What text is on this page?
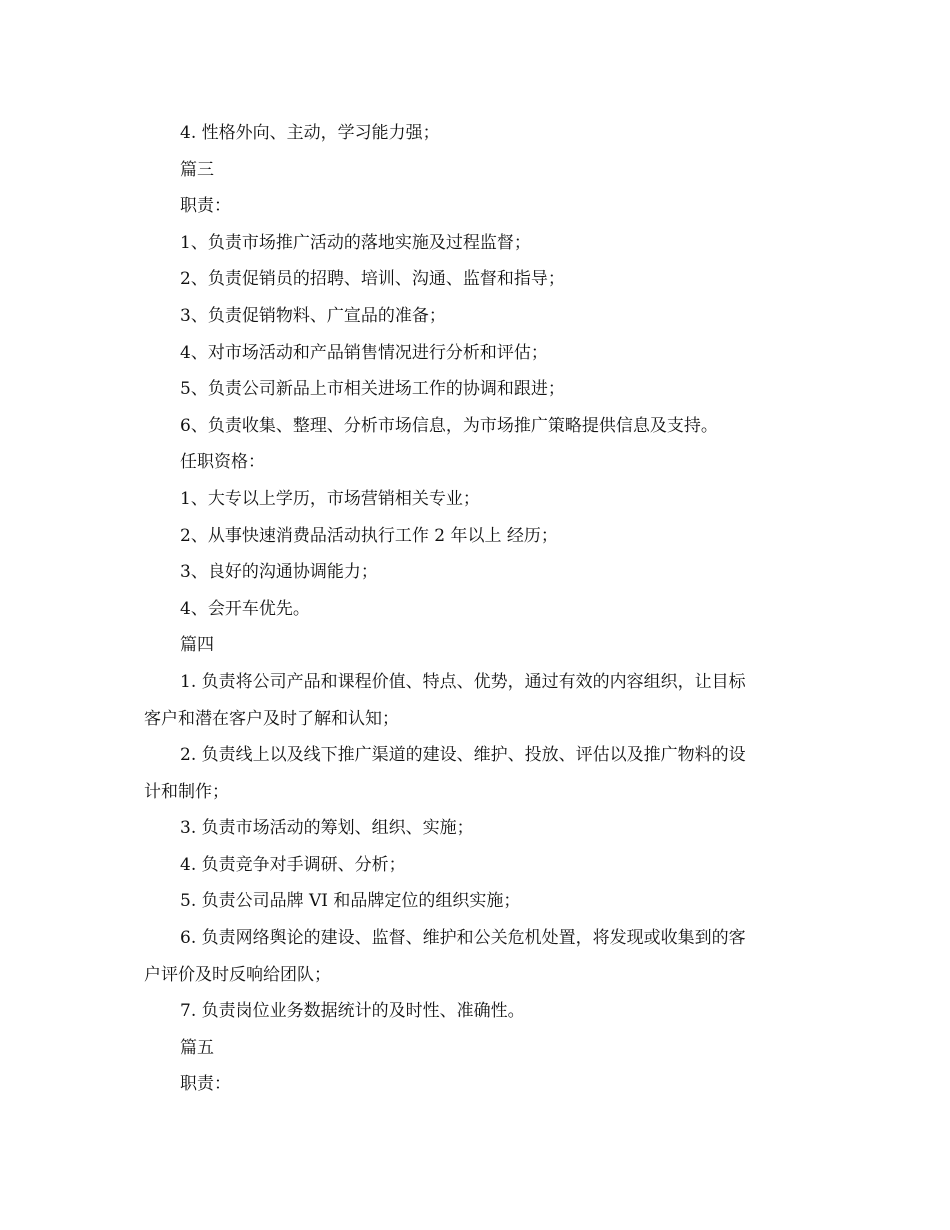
4. 性格外向、主动，学习能力强；
篇三
职责：
1、负责市场推广活动的落地实施及过程监督；
2、负责促销员的招聘、培训、沟通、监督和指导；
3、负责促销物料、广宣品的准备；
4、对市场活动和产品销售情况进行分析和评估；
5、负责公司新品上市相关进场工作的协调和跟进；
6、负责收集、整理、分析市场信息，为市场推广策略提供信息及支持。
任职资格：
1、大专以上学历，市场营销相关专业；
2、从事快速消费品活动执行工作 2 年以上 经历；
3、良好的沟通协调能力；
4、会开车优先。
篇四
1. 负责将公司产品和课程价值、特点、优势，通过有效的内容组织，让目标
客户和潜在客户及时了解和认知；
2. 负责线上以及线下推广渠道的建设、维护、投放、评估以及推广物料的设
计和制作；
3. 负责市场活动的筹划、组织、实施；
4. 负责竞争对手调研、分析；
5. 负责公司品牌 VI 和品牌定位的组织实施；
6. 负责网络舆论的建设、监督、维护和公关危机处置，将发现或收集到的客
户评价及时反响给团队；
7. 负责岗位业务数据统计的及时性、准确性。
篇五
职责：
